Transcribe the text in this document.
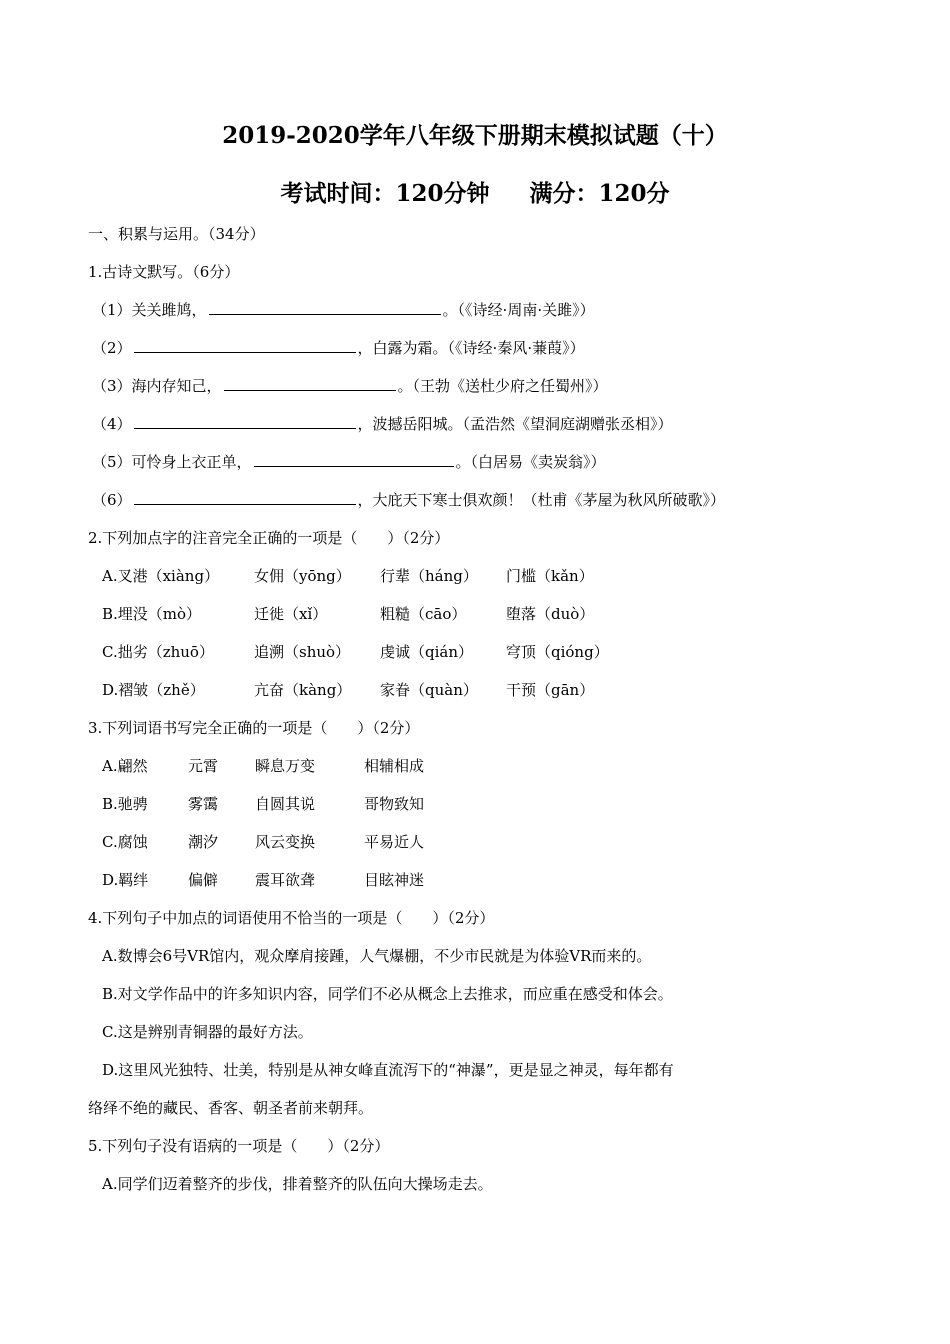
2019-2020学年八年级下册期末模拟试题（十）
考试时间：120分钟 满分：120分
一、积累与运用。（34分）
1.古诗文默写。（6分）
（1）关关雎鸠，	。（《诗经·周南·关雎》）
（2）	，白露为霜。（《诗经·秦风·蒹葭》）
（3）海内存知己，	。（王勃《送杜少府之任蜀州》）
（4）	，波撼岳阳城。（孟浩然《望洞庭湖赠张丞相》）
（5）可怜身上衣正单，	。（白居易《卖炭翁》）
（6）	，大庇天下寒士俱欢颜！（杜甫《茅屋为秋风所破歌》）
2.下列加点字的注音完全正确的一项是（　　）（2分）
A.叉港（xiàng） 女佣（yōng） 行辈（háng） 门槛（kǎn）
B.埋没（mò）	迁徙（xǐ）	粗糙（cāo）	堕落（duò）
C.拙劣（zhuō）	追溯（shuò） 虔诚（qián） 穹顶（qióng）
D.褶皱（zhě）	亢奋（kàng） 家眷（quàn） 干预（gān）
3.下列词语书写完全正确的一项是（　　）（2分）
A.翩然	元霄 瞬息万变	相辅相成
B.驰骋	雾霭 自圆其说	哥物致知
C.腐蚀	潮汐 风云变换	平易近人
D.羁绊	偏僻 震耳欲聋	目眩神迷
4.下列句子中加点的词语使用不恰当的一项是（　　）（2分）
A.数博会6号VR馆内，观众摩肩接踵，人气爆棚，不少市民就是为体验VR而来的。
B.对文学作品中的许多知识内容，同学们不必从概念上去推求，而应重在感受和体会。
C.这是辨别青铜器的最好方法。
D.这里风光独特、壮美，特别是从神女峰直流泻下的“神瀑”，更是显之神灵，每年都有
络绎不绝的藏民、香客、朝圣者前来朝拜。
5.下列句子没有语病的一项是（　　）（2分）
A.同学们迈着整齐的步伐，排着整齐的队伍向大操场走去。
